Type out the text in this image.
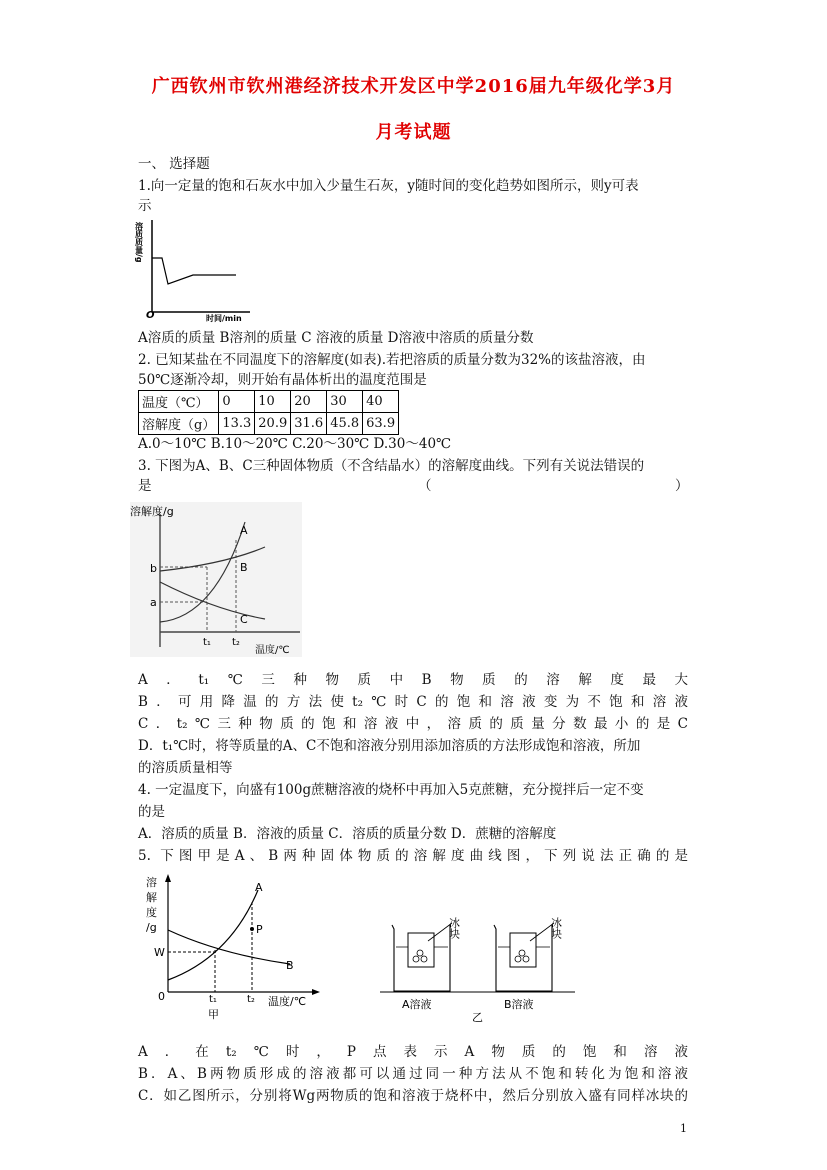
广西钦州市钦州港经济技术开发区中学2016届九年级化学3月
月考试题
一、 选择题
1.向一定量的饱和石灰水中加入少量生石灰，y随时间的变化趋势如图所示，则y可表
示
溶质质量/g
O	时间/min
A溶质的质量 B溶剂的质量 C 溶液的质量 D溶液中溶质的质量分数
2. 已知某盐在不同温度下的溶解度(如表).若把溶质的质量分数为32%的该盐溶液，由
50℃逐渐冷却，则开始有晶体析出的温度范围是
温度（℃）	0	10	20	30	40
溶解度（g）	13.3	20.9	31.6	45.8	63.9
A.0～10℃ B.10～20℃ C.20～30℃ D.30～40℃
3. 下图为A、B、C三种固体物质（不含结晶水）的溶解度曲线。下列有关说法错误的
是	（	）
溶解度/g
A
B
C
b
a
t₁ t₂
温度/℃
A．t₁℃三种物质中B物质的溶解度最大
B．可用降温的方法使t₂℃时C的饱和溶液变为不饱和溶液
C．t₂℃三种物质的饱和溶液中，溶质的质量分数最小的是C
D．t₁℃时，将等质量的A、C不饱和溶液分别用添加溶质的方法形成饱和溶液，所加
的溶质质量相等
4. 一定温度下，向盛有100g蔗糖溶液的烧杯中再加入5克蔗糖，充分搅拌后一定不变
的是
A．溶质的质量 B．溶液的质量 C．溶质的质量分数 D．蔗糖的溶解度
5. 下图甲是A、B两种固体物质的溶解度曲线图，下列说法正确的是
溶
解
度
/g
A
B
P
W
0	t₁	t₂ 温度/℃
甲
冰块
A溶液
冰块
B溶液
乙
A．在t₂℃时，P点表示A物质的饱和溶液
B．A、B两物质形成的溶液都可以通过同一种方法从不饱和转化为饱和溶液
C．如乙图所示，分别将Wg两物质的饱和溶液于烧杯中，然后分别放入盛有同样冰块的
1
